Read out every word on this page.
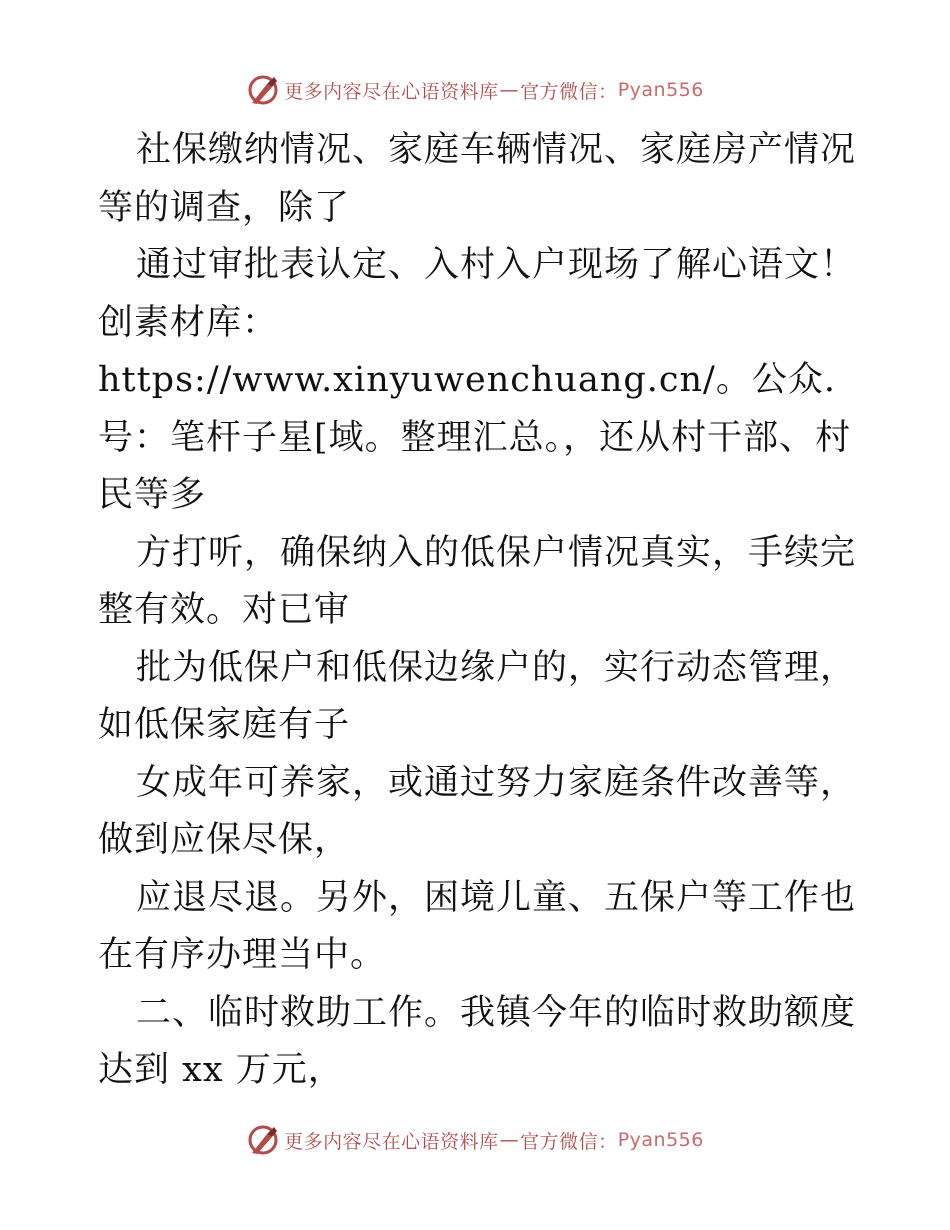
更多内容尽在心语资料库 — 官方微信： Pyan556

社保缴纳情况、家庭车辆情况、家庭房产情况等的调查，除了

通过审批表认定、入村入户现场了解心语文！创素材库：https://www.xinyuwenchuang.cn/。公众.号：笔杆子星[域。整理汇总。，还从村干部、村民等多

方打听，确保纳入的低保户情况真实，手续完整有效。对已审

批为低保户和低保边缘户的，实行动态管理，如低保家庭有子

女成年可养家，或通过努力家庭条件改善等，做到应保尽保，

应退尽退。另外，困境儿童、五保户等工作也在有序办理当中。

二、临时救助工作。我镇今年的临时救助额度达到 xx 万元，

更多内容尽在心语资料库 — 官方微信： Pyan556
